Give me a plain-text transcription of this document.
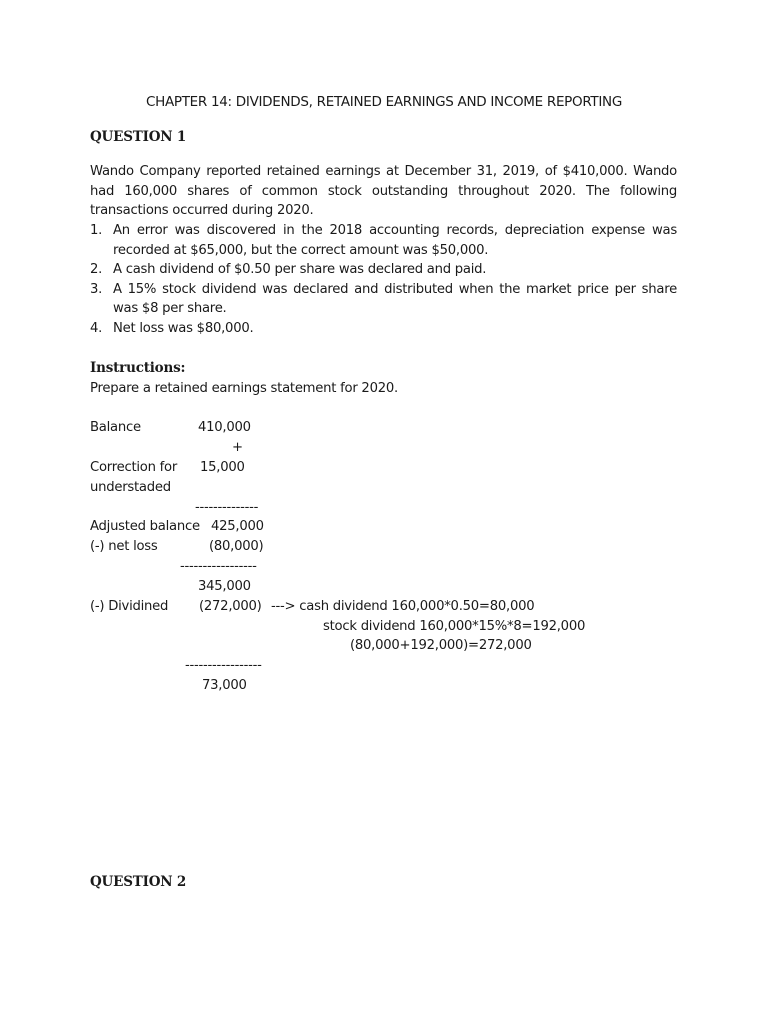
CHAPTER 14: DIVIDENDS, RETAINED EARNINGS AND INCOME REPORTING
QUESTION 1
Wando Company reported retained earnings at December 31, 2019, of $410,000. Wando had 160,000 shares of common stock outstanding throughout 2020. The following transactions occurred during 2020.
1. An error was discovered in the 2018 accounting records, depreciation expense was recorded at $65,000, but the correct amount was $50,000.
2. A cash dividend of $0.50 per share was declared and paid.
3. A 15% stock dividend was declared and distributed when the market price per share was $8 per share.
4. Net loss was $80,000.
Instructions:
Prepare a retained earnings statement for 2020.
Balance	410,000
+
Correction for
understaded
15,000
--------------
Adjusted balance 425,000
(-) net loss	(80,000)
-----------------
345,000
(-) Dividined (272,000) ---> cash dividend 160,000*0.50=80,000
stock dividend 160,000*15%*8=192,000
(80,000+192,000)=272,000
-----------------
73,000
QUESTION 2
